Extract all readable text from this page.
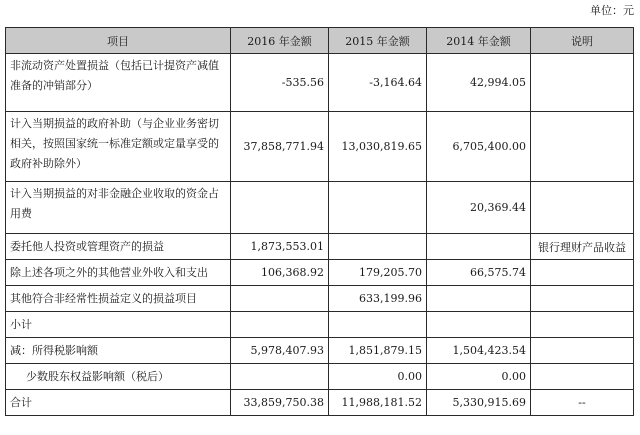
单位：元
项目	2016 年金额	2015 年金额	2014 年金额	说明
非流动资产处置损益（包括已计提资产减值准备的冲销部分）	-535.56	-3,164.64	42,994.05	
计入当期损益的政府补助（与企业业务密切相关，按照国家统一标准定额或定量享受的政府补助除外）	37,858,771.94	13,030,819.65	6,705,400.00	
计入当期损益的对非金融企业收取的资金占用费			20,369.44	
委托他人投资或管理资产的损益	1,873,553.01			银行理财产品收益
除上述各项之外的其他营业外收入和支出	106,368.92	179,205.70	66,575.74	
其他符合非经常性损益定义的损益项目		633,199.96		
小计				
减：所得税影响额	5,978,407.93	1,851,879.15	1,504,423.54	
少数股东权益影响额（税后）		0.00	0.00	
合计	33,859,750.38	11,988,181.52	5,330,915.69	--
